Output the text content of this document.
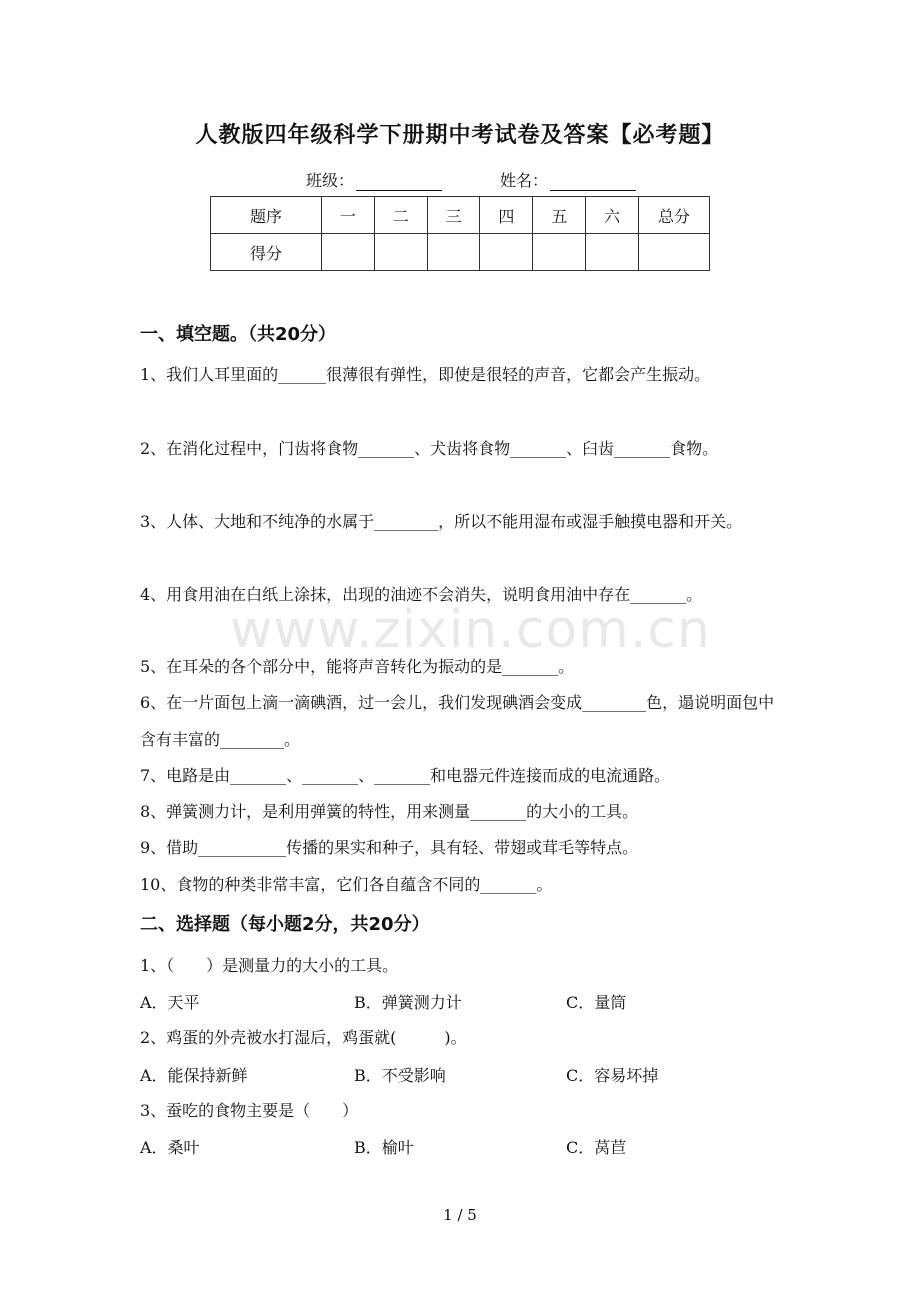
人教版四年级科学下册期中考试卷及答案【必考题】
班级：	姓名：
题序	一	二	三	四	五	六	总分
得分							
一、填空题。（共20分）
1、我们人耳里面的______很薄很有弹性，即使是很轻的声音，它都会产生振动。
2、在消化过程中，门齿将食物_______、犬齿将食物_______、臼齿_______食物。
3、人体、大地和不纯净的水属于________，所以不能用湿布或湿手触摸电器和开关。
4、用食用油在白纸上涂抹，出现的油迹不会消失，说明食用油中存在_______。
5、在耳朵的各个部分中，能将声音转化为振动的是_______。
6、在一片面包上滴一滴碘酒，过一会儿，我们发现碘酒会变成________色，遢说明面包中含有丰富的________。
7、电路是由_______、_______、_______和电器元件连接而成的电流通路。
8、弹簧测力计，是利用弹簧的特性，用来测量_______的大小的工具。
9、借助___________传播的果实和种子，具有轻、带翅或茸毛等特点。
10、食物的种类非常丰富，它们各自蕴含不同的_______。
二、选择题（每小题2分，共20分）
1、（　　）是测量力的大小的工具。
A．天平	B．弹簧测力计	C．量筒
2、鸡蛋的外壳被水打湿后，鸡蛋就(　　　)。
A．能保持新鲜	B．不受影响	C．容易坏掉
3、蚕吃的食物主要是（　　）
A．桑叶	B．榆叶	C．莴苣
www.zixin.com.cn
1 / 5
